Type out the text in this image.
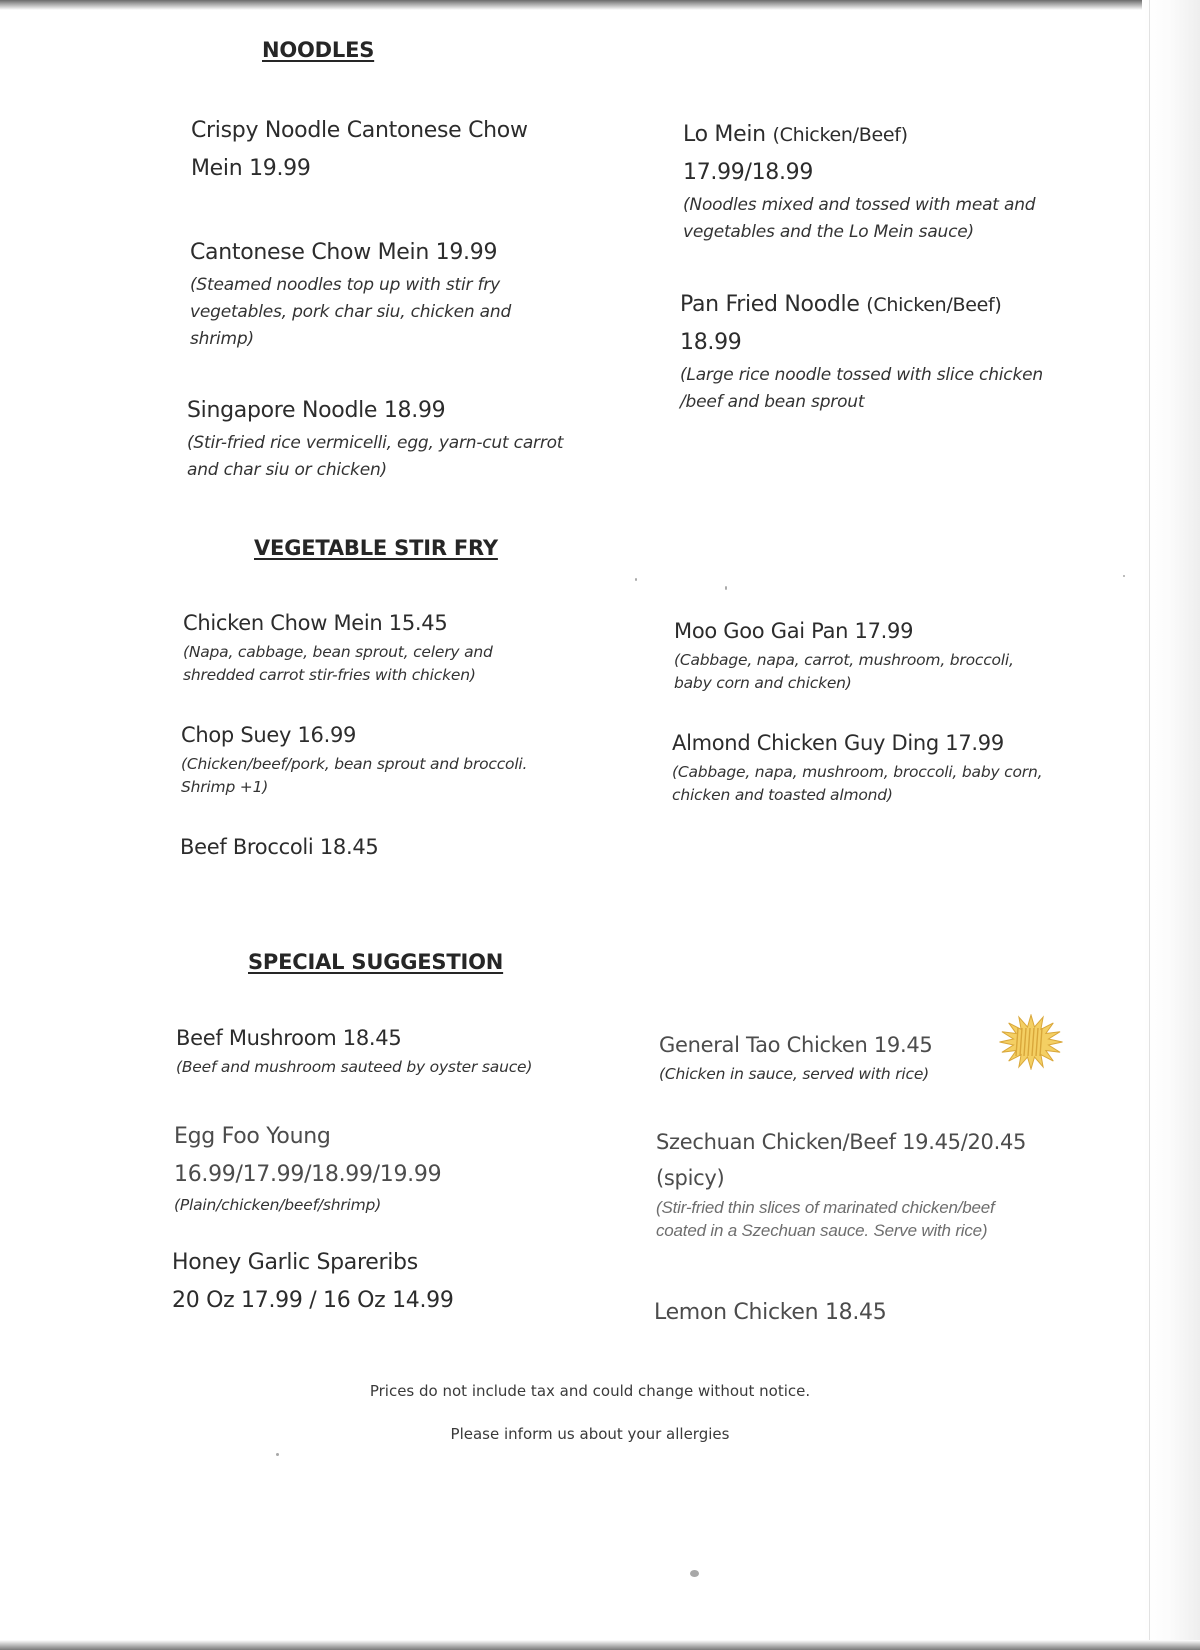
NOODLES
Crispy Noodle Cantonese Chow Mein 19.99
Cantonese Chow Mein 19.99
(Steamed noodles top up with stir fry vegetables, pork char siu, chicken and shrimp)
Singapore Noodle 18.99
(Stir-fried rice vermicelli, egg, yarn-cut carrot and char siu or chicken)
Lo Mein (Chicken/Beef)
17.99/18.99
(Noodles mixed and tossed with meat and vegetables and the Lo Mein sauce)
Pan Fried Noodle (Chicken/Beef)
18.99
(Large rice noodle tossed with slice chicken /beef and bean sprout
VEGETABLE STIR FRY
Chicken Chow Mein 15.45
(Napa, cabbage, bean sprout, celery and shredded carrot stir-fries with chicken)
Chop Suey 16.99
(Chicken/beef/pork, bean sprout and broccoli. Shrimp +1)
Beef Broccoli 18.45
Moo Goo Gai Pan 17.99
(Cabbage, napa, carrot, mushroom, broccoli, baby corn and chicken)
Almond Chicken Guy Ding 17.99
(Cabbage, napa, mushroom, broccoli, baby corn, chicken and toasted almond)
SPECIAL SUGGESTION
Beef Mushroom 18.45
(Beef and mushroom sauteed by oyster sauce)
Egg Foo Young
16.99/17.99/18.99/19.99
(Plain/chicken/beef/shrimp)
Honey Garlic Spareribs
20 Oz 17.99 / 16 Oz 14.99
General Tao Chicken 19.45
(Chicken in sauce, served with rice)
Szechuan Chicken/Beef 19.45/20.45
(spicy)
(Stir-fried thin slices of marinated chicken/beef coated in a Szechuan sauce. Serve with rice)
Lemon Chicken 18.45
Prices do not include tax and could change without notice.
Please inform us about your allergies
